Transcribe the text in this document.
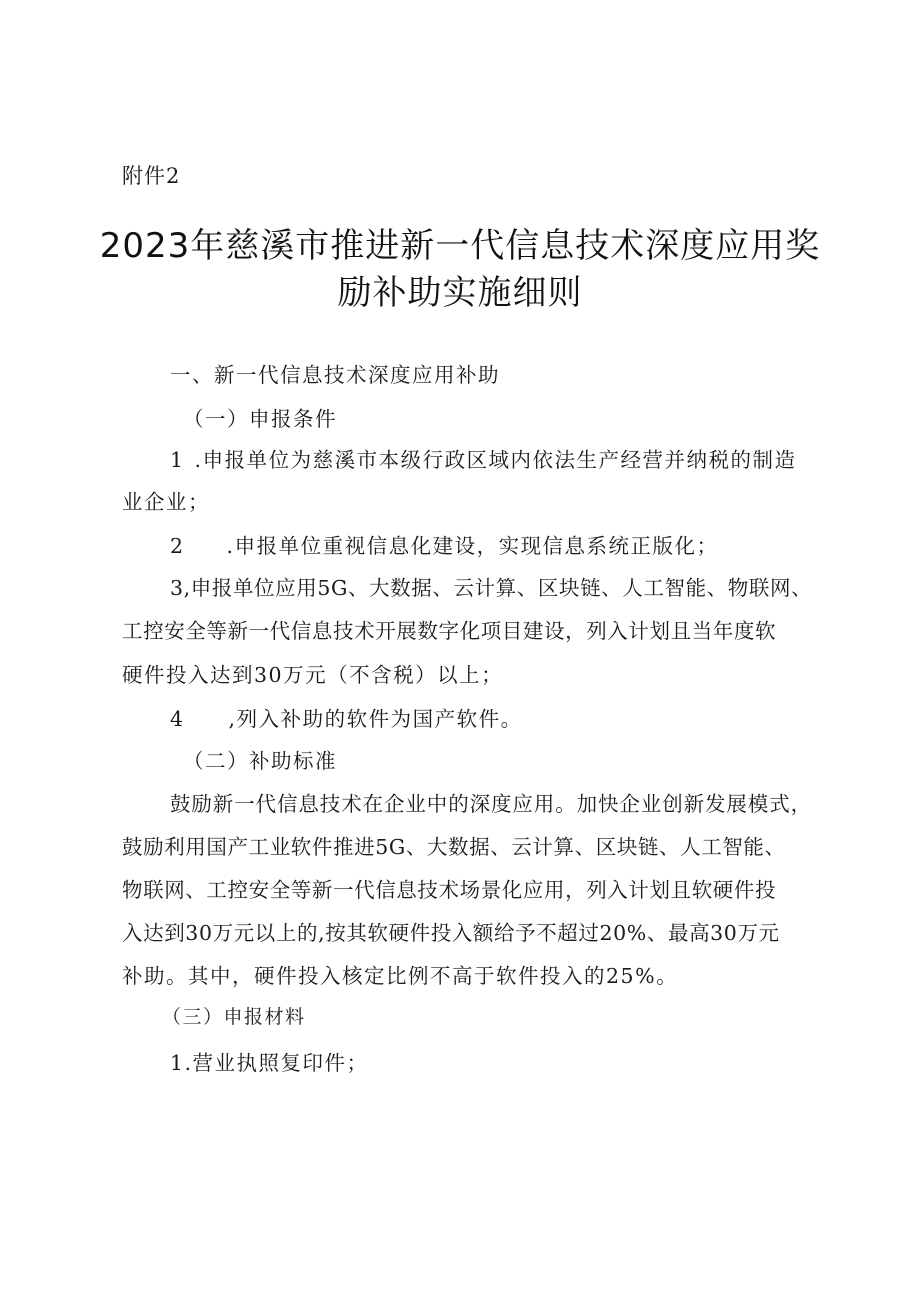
附件2
2023年慈溪市推进新一代信息技术深度应用奖
励补助实施细则
一、新一代信息技术深度应用补助
（一）申报条件
1 .申报单位为慈溪市本级行政区域内依法生产经营并纳税的制造
业企业；
2 .申报单位重视信息化建设，实现信息系统正版化；
3,申报单位应用5G、大数据、云计算、区块链、人工智能、物联网、
工控安全等新一代信息技术开展数字化项目建设，列入计划且当年度软
硬件投入达到30万元（不含税）以上；
4 ,列入补助的软件为国产软件。
（二）补助标准
鼓励新一代信息技术在企业中的深度应用。加快企业创新发展模式，
鼓励利用国产工业软件推进5G、大数据、云计算、区块链、人工智能、
物联网、工控安全等新一代信息技术场景化应用，列入计划且软硬件投
入达到30万元以上的,按其软硬件投入额给予不超过20%、最高30万元
补助。其中，硬件投入核定比例不高于软件投入的25%。
（三）申报材料
1.营业执照复印件；
